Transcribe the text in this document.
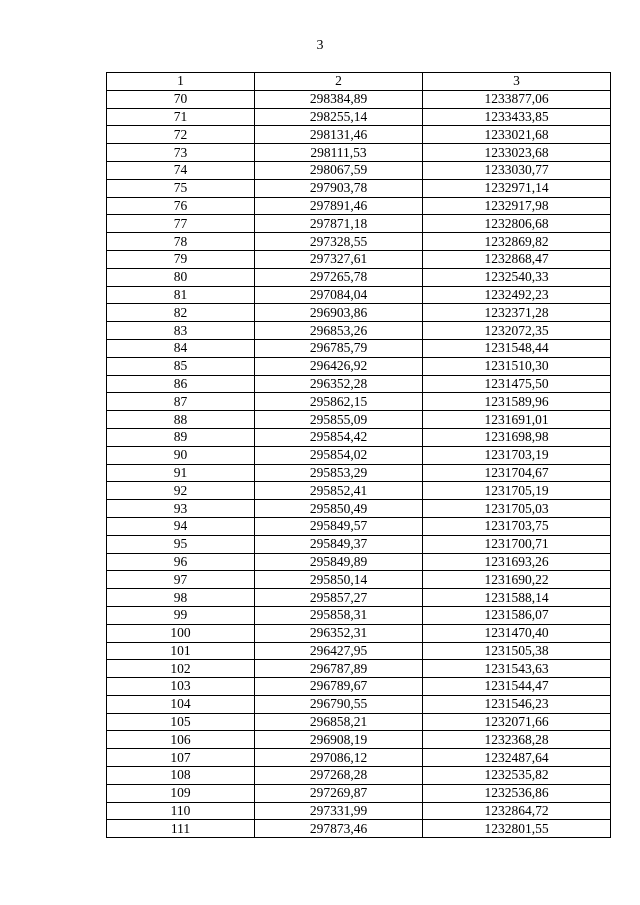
3
1	2	3
70	298384,89	1233877,06
71	298255,14	1233433,85
72	298131,46	1233021,68
73	298111,53	1233023,68
74	298067,59	1233030,77
75	297903,78	1232971,14
76	297891,46	1232917,98
77	297871,18	1232806,68
78	297328,55	1232869,82
79	297327,61	1232868,47
80	297265,78	1232540,33
81	297084,04	1232492,23
82	296903,86	1232371,28
83	296853,26	1232072,35
84	296785,79	1231548,44
85	296426,92	1231510,30
86	296352,28	1231475,50
87	295862,15	1231589,96
88	295855,09	1231691,01
89	295854,42	1231698,98
90	295854,02	1231703,19
91	295853,29	1231704,67
92	295852,41	1231705,19
93	295850,49	1231705,03
94	295849,57	1231703,75
95	295849,37	1231700,71
96	295849,89	1231693,26
97	295850,14	1231690,22
98	295857,27	1231588,14
99	295858,31	1231586,07
100	296352,31	1231470,40
101	296427,95	1231505,38
102	296787,89	1231543,63
103	296789,67	1231544,47
104	296790,55	1231546,23
105	296858,21	1232071,66
106	296908,19	1232368,28
107	297086,12	1232487,64
108	297268,28	1232535,82
109	297269,87	1232536,86
110	297331,99	1232864,72
111	297873,46	1232801,55
